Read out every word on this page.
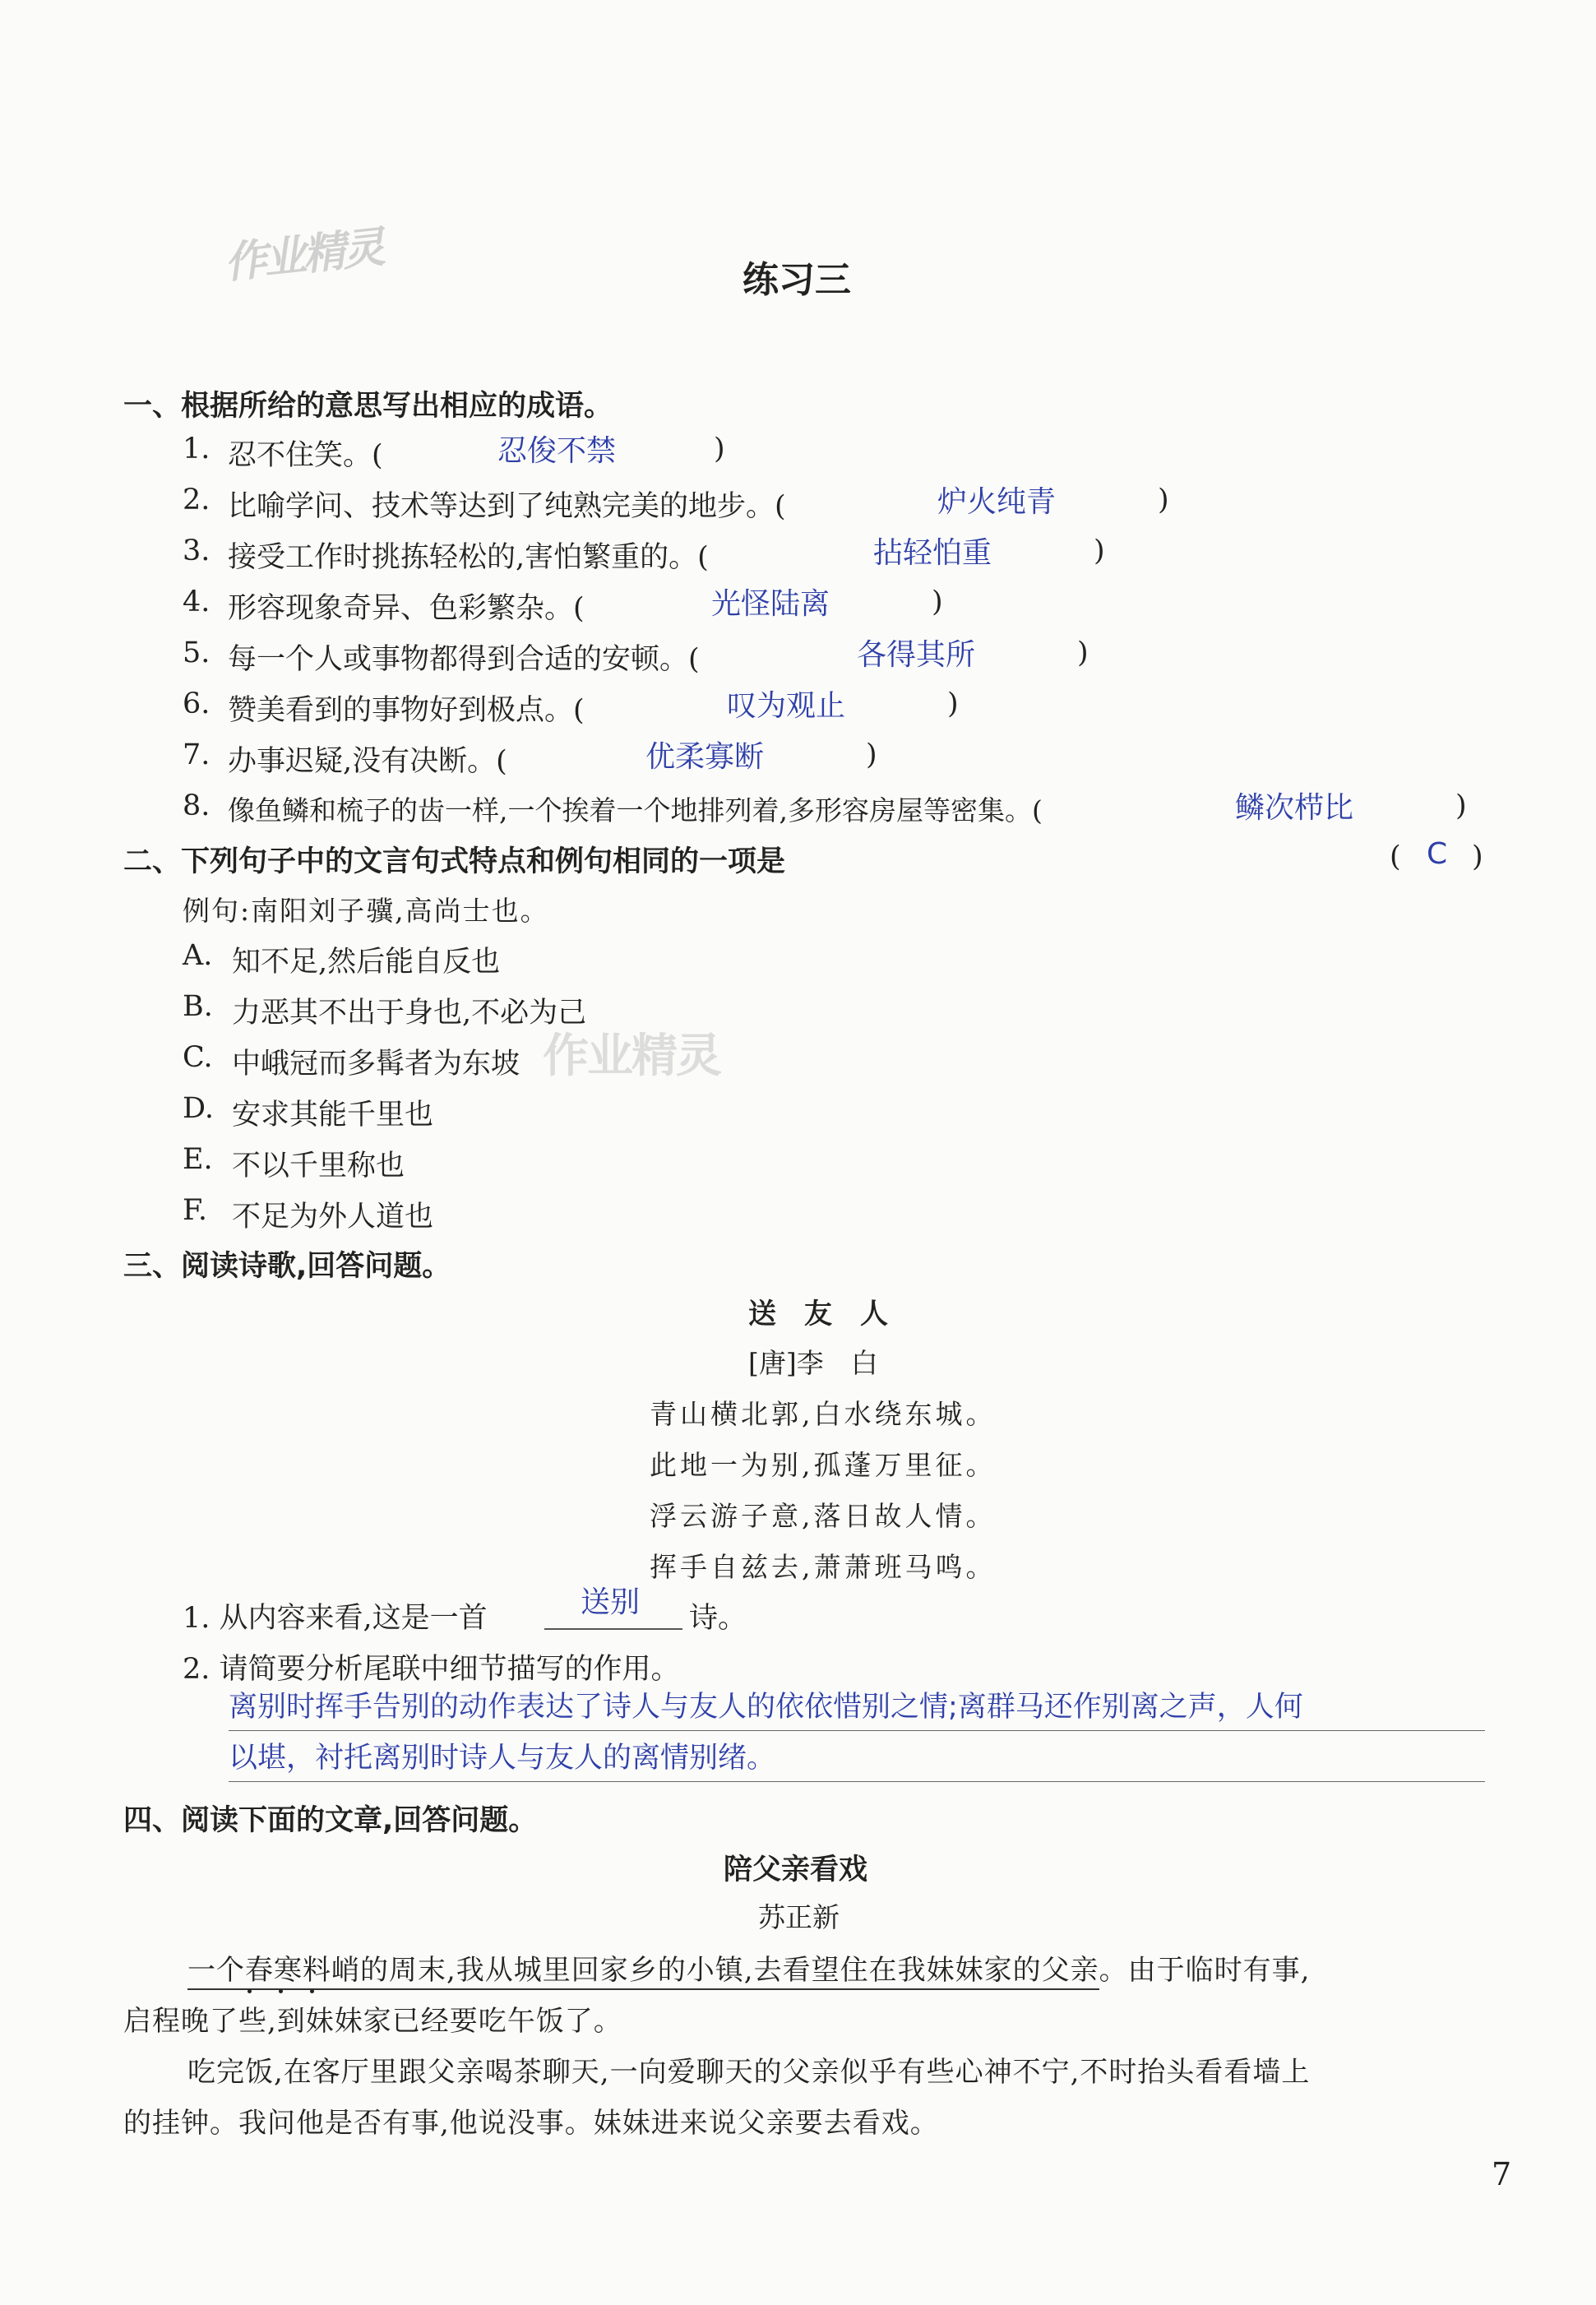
作业精灵
作业精灵
练习三
一、根据所给的意思写出相应的成语。
1. 忍不住笑。(	忍俊不禁	)
2. 比喻学问、技术等达到了纯熟完美的地步。(	炉火纯青	)
3. 接受工作时挑拣轻松的,害怕繁重的。(	拈轻怕重	)
4. 形容现象奇异、色彩繁杂。(	光怪陆离	)
5. 每一个人或事物都得到合适的安顿。(	各得其所	)
6. 赞美看到的事物好到极点。(	叹为观止	)
7. 办事迟疑,没有决断。(	优柔寡断	)
8. 像鱼鳞和梳子的齿一样,一个挨着一个地排列着,多形容房屋等密集。(	鳞次栉比	)
二、下列句子中的文言句式特点和例句相同的一项是	( C )
例句:南阳刘子骥,高尚士也。
A. 知不足,然后能自反也
B. 力恶其不出于身也,不必为己
C. 中峨冠而多髯者为东坡
D. 安求其能千里也
E. 不以千里称也
F. 不足为外人道也
三、阅读诗歌,回答问题。
送　友　人
[唐]李　白
青山横北郭,白水绕东城。
此地一为别,孤蓬万里征。
浮云游子意,落日故人情。
挥手自兹去,萧萧班马鸣。
1. 从内容来看,这是一首	送别 诗。
2. 请简要分析尾联中细节描写的作用。
离别时挥手告别的动作表达了诗人与友人的依依惜别之情;离群马还作别离之声，人何
以堪，衬托离别时诗人与友人的离情别绪。
四、阅读下面的文章,回答问题。
陪父亲看戏
苏正新
一个春寒料峭的周末,我从城里回家乡的小镇,去看望住在我妹妹家的父亲。由于临时有事,
启程晚了些,到妹妹家已经要吃午饭了。
吃完饭,在客厅里跟父亲喝茶聊天,一向爱聊天的父亲似乎有些心神不宁,不时抬头看看墙上
的挂钟。我问他是否有事,他说没事。妹妹进来说父亲要去看戏。
7
